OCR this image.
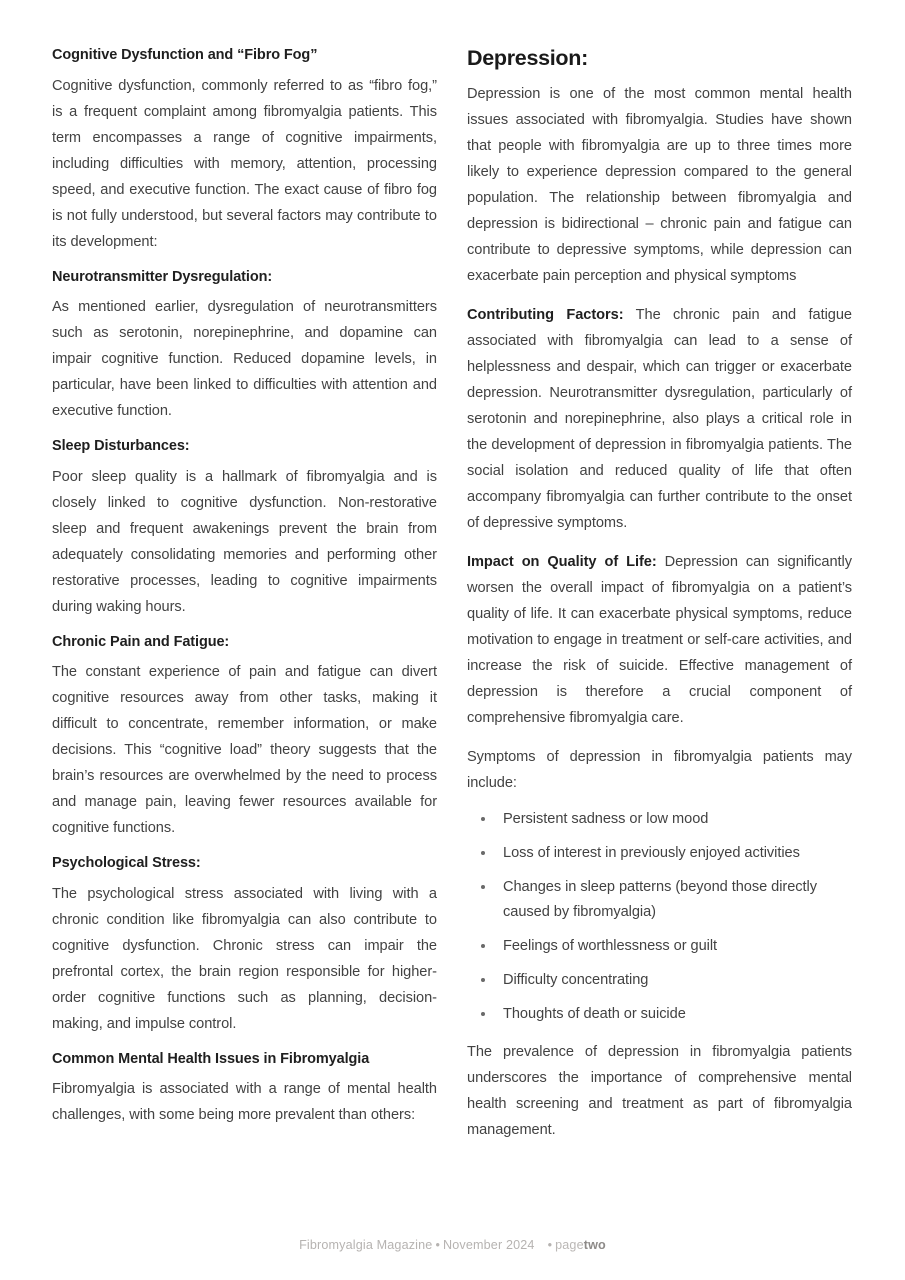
Cognitive Dysfunction and “Fibro Fog”

Cognitive dysfunction, commonly referred to as “fibro fog,” is a frequent complaint among fibromyalgia patients. This term encompasses a range of cognitive impairments, including difficulties with memory, attention, processing speed, and executive function. The exact cause of fibro fog is not fully understood, but several factors may contribute to its development:

Neurotransmitter Dysregulation:

As mentioned earlier, dysregulation of neurotransmitters such as serotonin, norepinephrine, and dopamine can impair cognitive function. Reduced dopamine levels, in particular, have been linked to difficulties with attention and executive function.

Sleep Disturbances:

Poor sleep quality is a hallmark of fibromyalgia and is closely linked to cognitive dysfunction. Non-restorative sleep and frequent awakenings prevent the brain from adequately consolidating memories and performing other restorative processes, leading to cognitive impairments during waking hours.

Chronic Pain and Fatigue:

The constant experience of pain and fatigue can divert cognitive resources away from other tasks, making it difficult to concentrate, remember information, or make decisions. This “cognitive load” theory suggests that the brain’s resources are overwhelmed by the need to process and manage pain, leaving fewer resources available for cognitive functions.

Psychological Stress:

The psychological stress associated with living with a chronic condition like fibromyalgia can also contribute to cognitive dysfunction. Chronic stress can impair the prefrontal cortex, the brain region responsible for higher-order cognitive functions such as planning, decision-making, and impulse control.

Common Mental Health Issues in Fibromyalgia

Fibromyalgia is associated with a range of mental health challenges, with some being more prevalent than others:

Depression:

Depression is one of the most common mental health issues associated with fibromyalgia. Studies have shown that people with fibromyalgia are up to three times more likely to experience depression compared to the general population. The relationship between fibromyalgia and depression is bidirectional – chronic pain and fatigue can contribute to depressive symptoms, while depression can exacerbate pain perception and physical symptoms

Contributing Factors: The chronic pain and fatigue associated with fibromyalgia can lead to a sense of helplessness and despair, which can trigger or exacerbate depression. Neurotransmitter dysregulation, particularly of serotonin and norepinephrine, also plays a critical role in the development of depression in fibromyalgia patients. The social isolation and reduced quality of life that often accompany fibromyalgia can further contribute to the onset of depressive symptoms.

Impact on Quality of Life: Depression can significantly worsen the overall impact of fibromyalgia on a patient’s quality of life. It can exacerbate physical symptoms, reduce motivation to engage in treatment or self-care activities, and increase the risk of suicide. Effective management of depression is therefore a crucial component of comprehensive fibromyalgia care.

Symptoms of depression in fibromyalgia patients may include:

Persistent sadness or low mood
Loss of interest in previously enjoyed activities
Changes in sleep patterns (beyond those directly caused by fibromyalgia)
Feelings of worthlessness or guilt
Difficulty concentrating
Thoughts of death or suicide

The prevalence of depression in fibromyalgia patients underscores the importance of comprehensive mental health screening and treatment as part of fibromyalgia management.

Fibromyalgia Magazine • November 2024 • pagetwo
